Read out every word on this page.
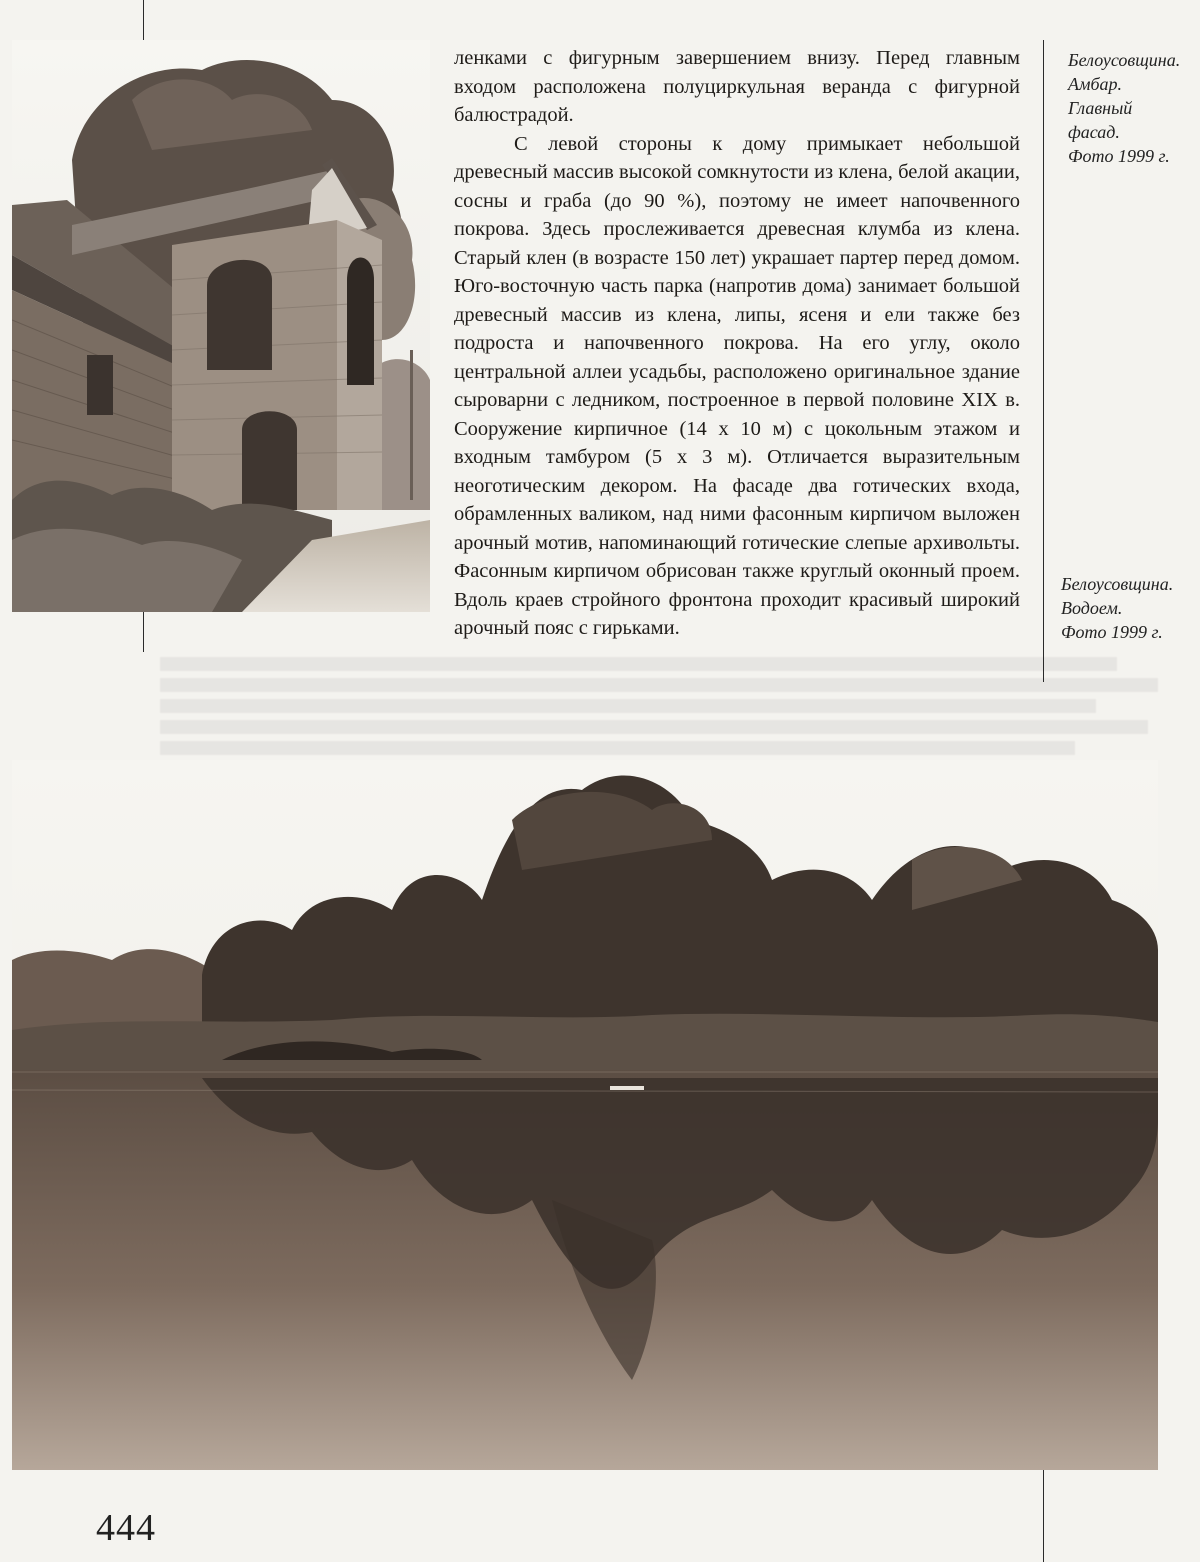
ленками с фигурным завершением внизу. Перед главным входом расположена полуциркульная веранда с фигурной балюстрадой.

С левой стороны к дому примыкает небольшой древесный массив высокой сомкнутости из клена, белой акации, сосны и граба (до 90 %), поэтому не имеет напочвенного покрова. Здесь прослеживается древесная клумба из клена. Старый клен (в возрасте 150 лет) украшает партер перед домом. Юго-восточную часть парка (напротив дома) занимает большой древесный массив из клена, липы, ясеня и ели также без подроста и напочвенного покрова. На его углу, около центральной аллеи усадьбы, расположено оригинальное здание сыроварни с ледником, построенное в первой половине XIX в. Сооружение кирпичное (14 х 10 м) с цокольным этажом и входным тамбуром (5 х 3 м). Отличается выразительным неоготическим декором. На фасаде два готических входа, обрамленных валиком, над ними фасонным кирпичом выложен арочный мотив, напоминающий готические слепые архивольты. Фасонным кирпичом обрисован также круглый оконный проем. Вдоль краев стройного фронтона проходит красивый широкий арочный пояс с гирьками.

Белоусовщина.
Амбар.
Главный
фасад.
Фото 1999 г.
Белоусовщина.
Водоем.
Фото 1999 г.
444
